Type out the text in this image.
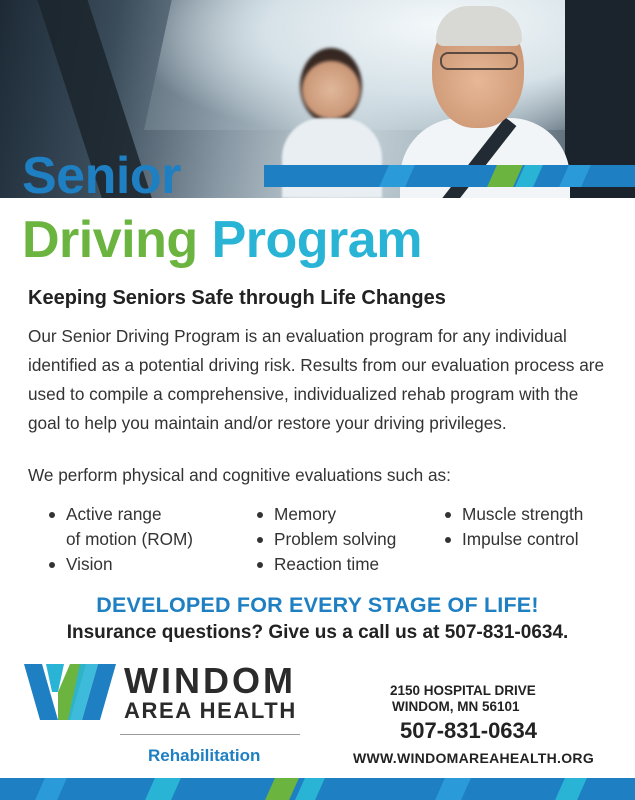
Senior
Driving Program
Keeping Seniors Safe through Life Changes

Our Senior Driving Program is an evaluation program for any individual identified as a potential driving risk. Results from our evaluation process are used to compile a comprehensive, individualized rehab program with the goal to help you maintain and/or restore your driving privileges.

We perform physical and cognitive evaluations such as:

Active range
of motion (ROM)
Vision
Memory
Problem solving
Reaction time
Muscle strength
Impulse control
DEVELOPED FOR EVERY STAGE OF LIFE!
Insurance questions? Give us a call us at 507-831-0634.
WINDOM
AREA HEALTH
Rehabilitation
2150 HOSPITAL DRIVE
WINDOM, MN 56101
507-831-0634
WWW.WINDOMAREAHEALTH.ORG
